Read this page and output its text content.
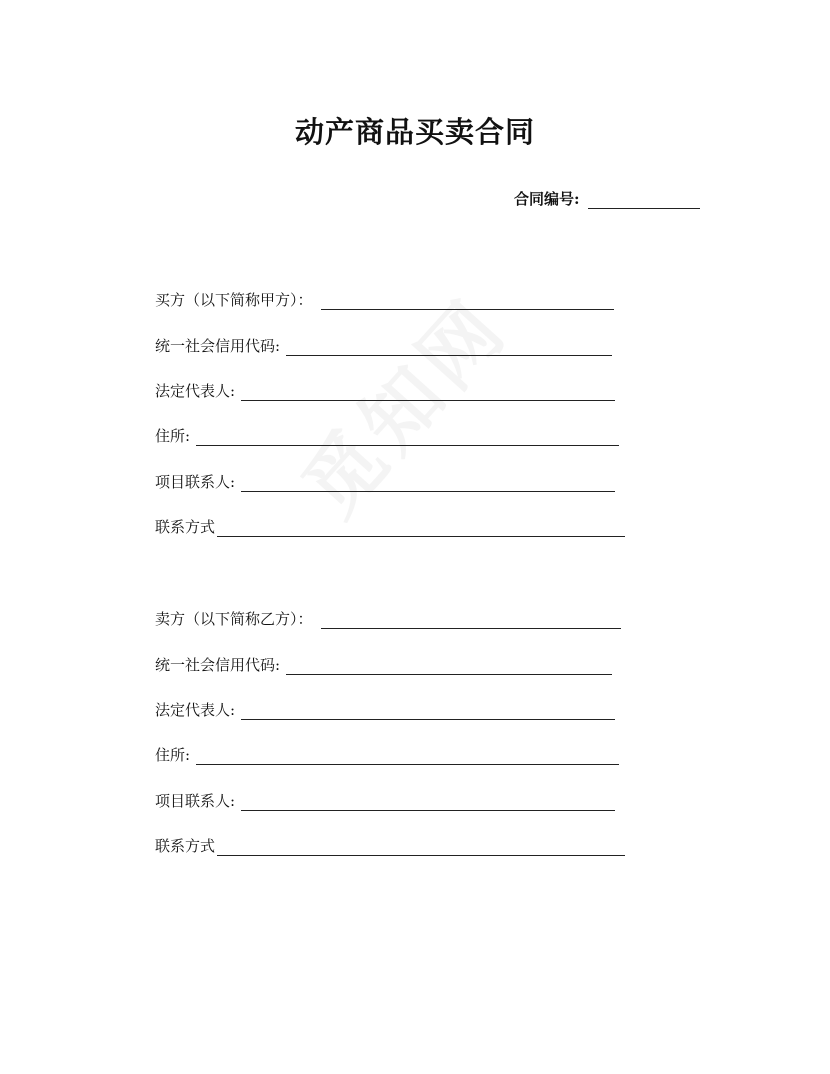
动产商品买卖合同
合同编号:
买方（以下简称甲方）：
统一社会信用代码:
法定代表人:
住所:
项目联系人:
联系方式
卖方（以下简称乙方）：
统一社会信用代码:
法定代表人:
住所:
项目联系人:
联系方式
